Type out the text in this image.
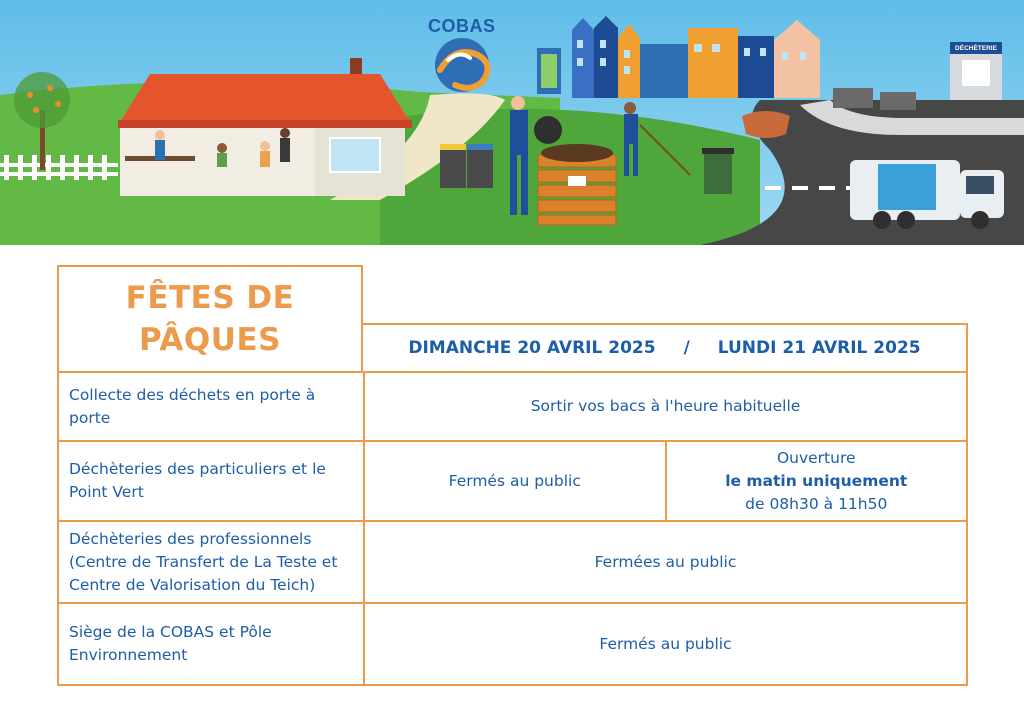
COBAS
DÉCHÈTERIE
FÊTES DE PÂQUES	DIMANCHE 20 AVRIL 2025 / LUNDI 21 AVRIL 2025
Collecte des déchets en porte à porte
Sortir vos bacs à l'heure habituelle
Déchèteries des particuliers et le Point Vert
Fermés au public
Ouverture
le matin uniquement
de 08h30 à 11h50
Déchèteries des professionnels (Centre de Transfert de La Teste et Centre de Valorisation du Teich)
Fermées au public
Siège de la COBAS et Pôle Environnement
Fermés au public
